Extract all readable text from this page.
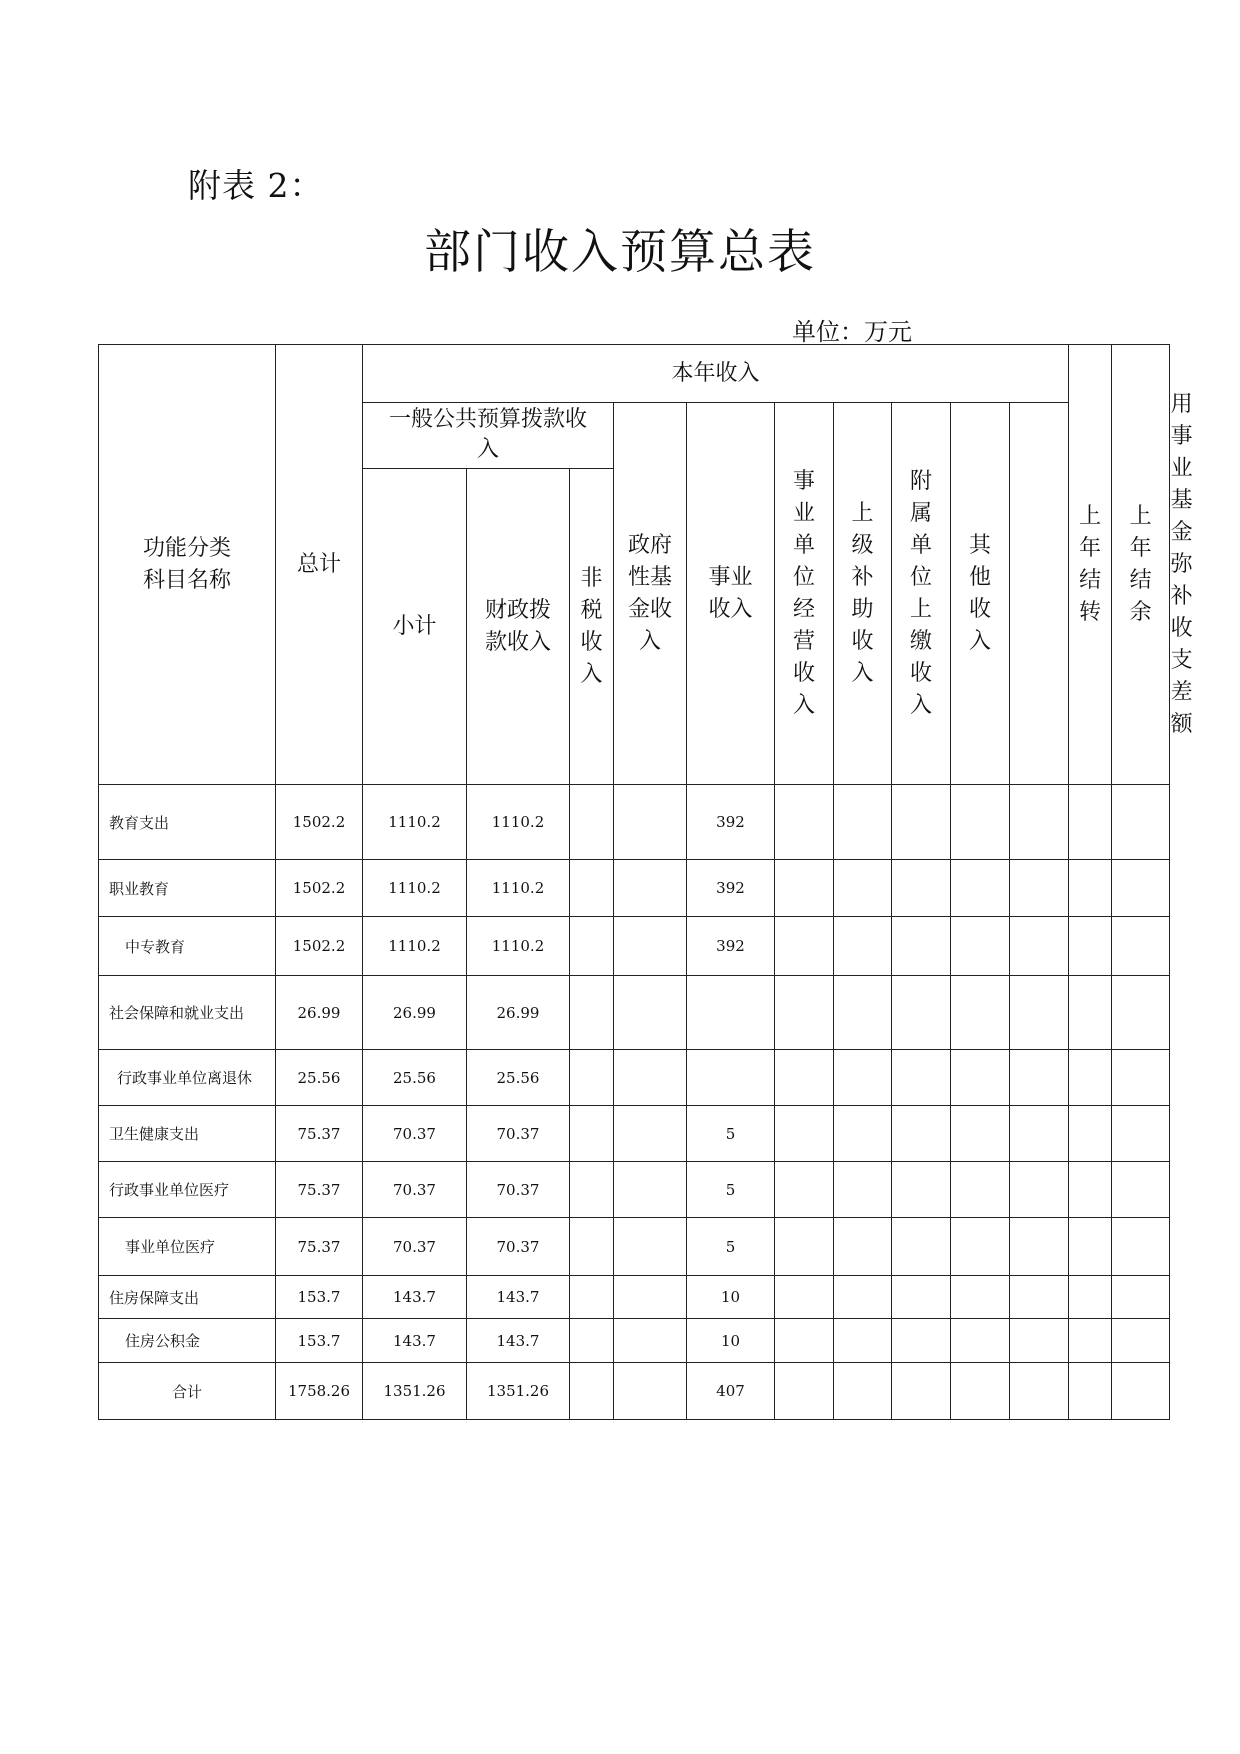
附表 2：
部门收入预算总表
单位：万元
功能分类科目名称	总计	本年收入										上年结转	上年结余	用事业基金弥补收支差额
		一般公共预算拨款收入			政府性基金收入	事业收入	事业单位经营收入	上级补助收入	附属单位上缴收入	其他收入				
		小计	财政拨款收入	非税收入										
教育支出	1502.2	1110.2	1110.2			392								
职业教育	1502.2	1110.2	1110.2			392								
中专教育	1502.2	1110.2	1110.2			392								
社会保障和就业支出	26.99	26.99	26.99											
行政事业单位离退休	25.56	25.56	25.56											
卫生健康支出	75.37	70.37	70.37			5								
行政事业单位医疗	75.37	70.37	70.37			5								
事业单位医疗	75.37	70.37	70.37			5								
住房保障支出	153.7	143.7	143.7			10								
住房公积金	153.7	143.7	143.7			10								
合计	1758.26	1351.26	1351.26			407								
